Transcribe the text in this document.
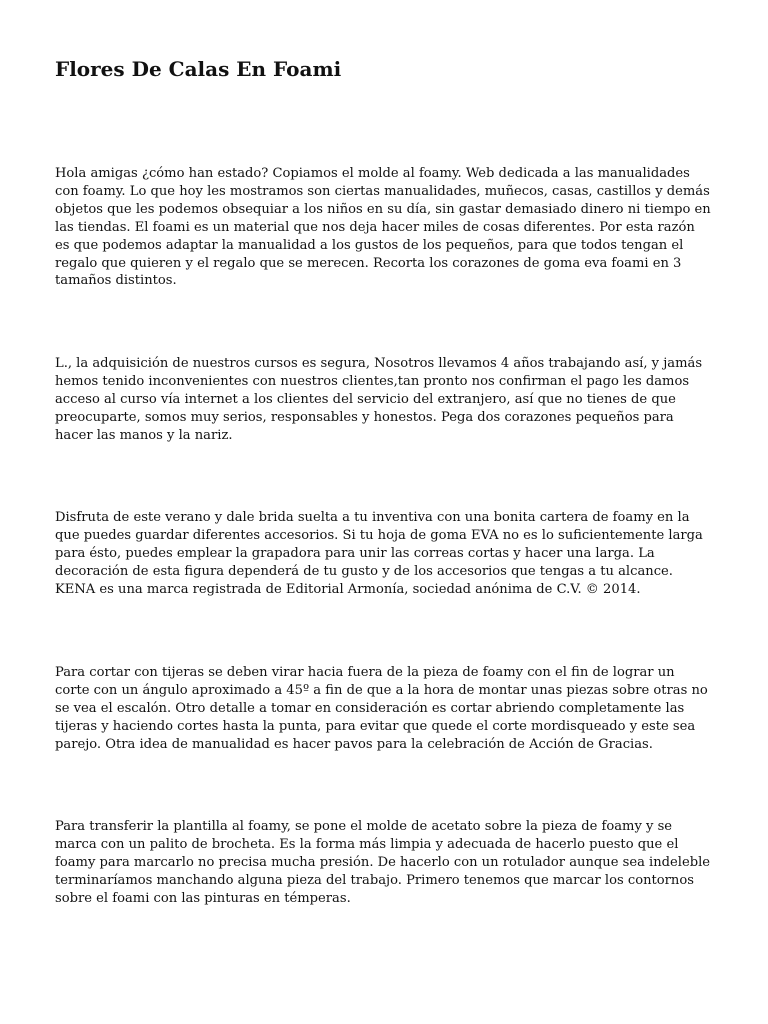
Flores De Calas En Foami

Hola amigas ¿cómo han estado? Copiamos el molde al foamy. Web dedicada a las manualidades con foamy. Lo que hoy les mostramos son ciertas manualidades, muñecos, casas, castillos y demás objetos que les podemos obsequiar a los niños en su día, sin gastar demasiado dinero ni tiempo en las tiendas. El foami es un material que nos deja hacer miles de cosas diferentes. Por esta razón es que podemos adaptar la manualidad a los gustos de los pequeños, para que todos tengan el regalo que quieren y el regalo que se merecen. Recorta los corazones de goma eva foami en 3 tamaños distintos.

L., la adquisición de nuestros cursos es segura, Nosotros llevamos 4 años trabajando así, y jamás hemos tenido inconvenientes con nuestros clientes,tan pronto nos confirman el pago les damos acceso al curso vía internet a los clientes del servicio del extranjero, así que no tienes de que preocuparte, somos muy serios, responsables y honestos. Pega dos corazones pequeños para hacer las manos y la nariz.

Disfruta de este verano y dale brida suelta a tu inventiva con una bonita cartera de foamy en la que puedes guardar diferentes accesorios. Si tu hoja de goma EVA no es lo suficientemente larga para ésto, puedes emplear la grapadora para unir las correas cortas y hacer una larga. La decoración de esta figura dependerá de tu gusto y de los accesorios que tengas a tu alcance. KENA es una marca registrada de Editorial Armonía, sociedad anónima de C.V. © 2014.

Para cortar con tijeras se deben virar hacia fuera de la pieza de foamy con el fin de lograr un corte con un ángulo aproximado a 45º a fin de que a la hora de montar unas piezas sobre otras no se vea el escalón. Otro detalle a tomar en consideración es cortar abriendo completamente las tijeras y haciendo cortes hasta la punta, para evitar que quede el corte mordisqueado y este sea parejo. Otra idea de manualidad es hacer pavos para la celebración de Acción de Gracias.

Para transferir la plantilla al foamy, se pone el molde de acetato sobre la pieza de foamy y se marca con un palito de brocheta. Es la forma más limpia y adecuada de hacerlo puesto que el foamy para marcarlo no precisa mucha presión. De hacerlo con un rotulador aunque sea indeleble terminaríamos manchando alguna pieza del trabajo. Primero tenemos que marcar los contornos sobre el foami con las pinturas en témperas.
